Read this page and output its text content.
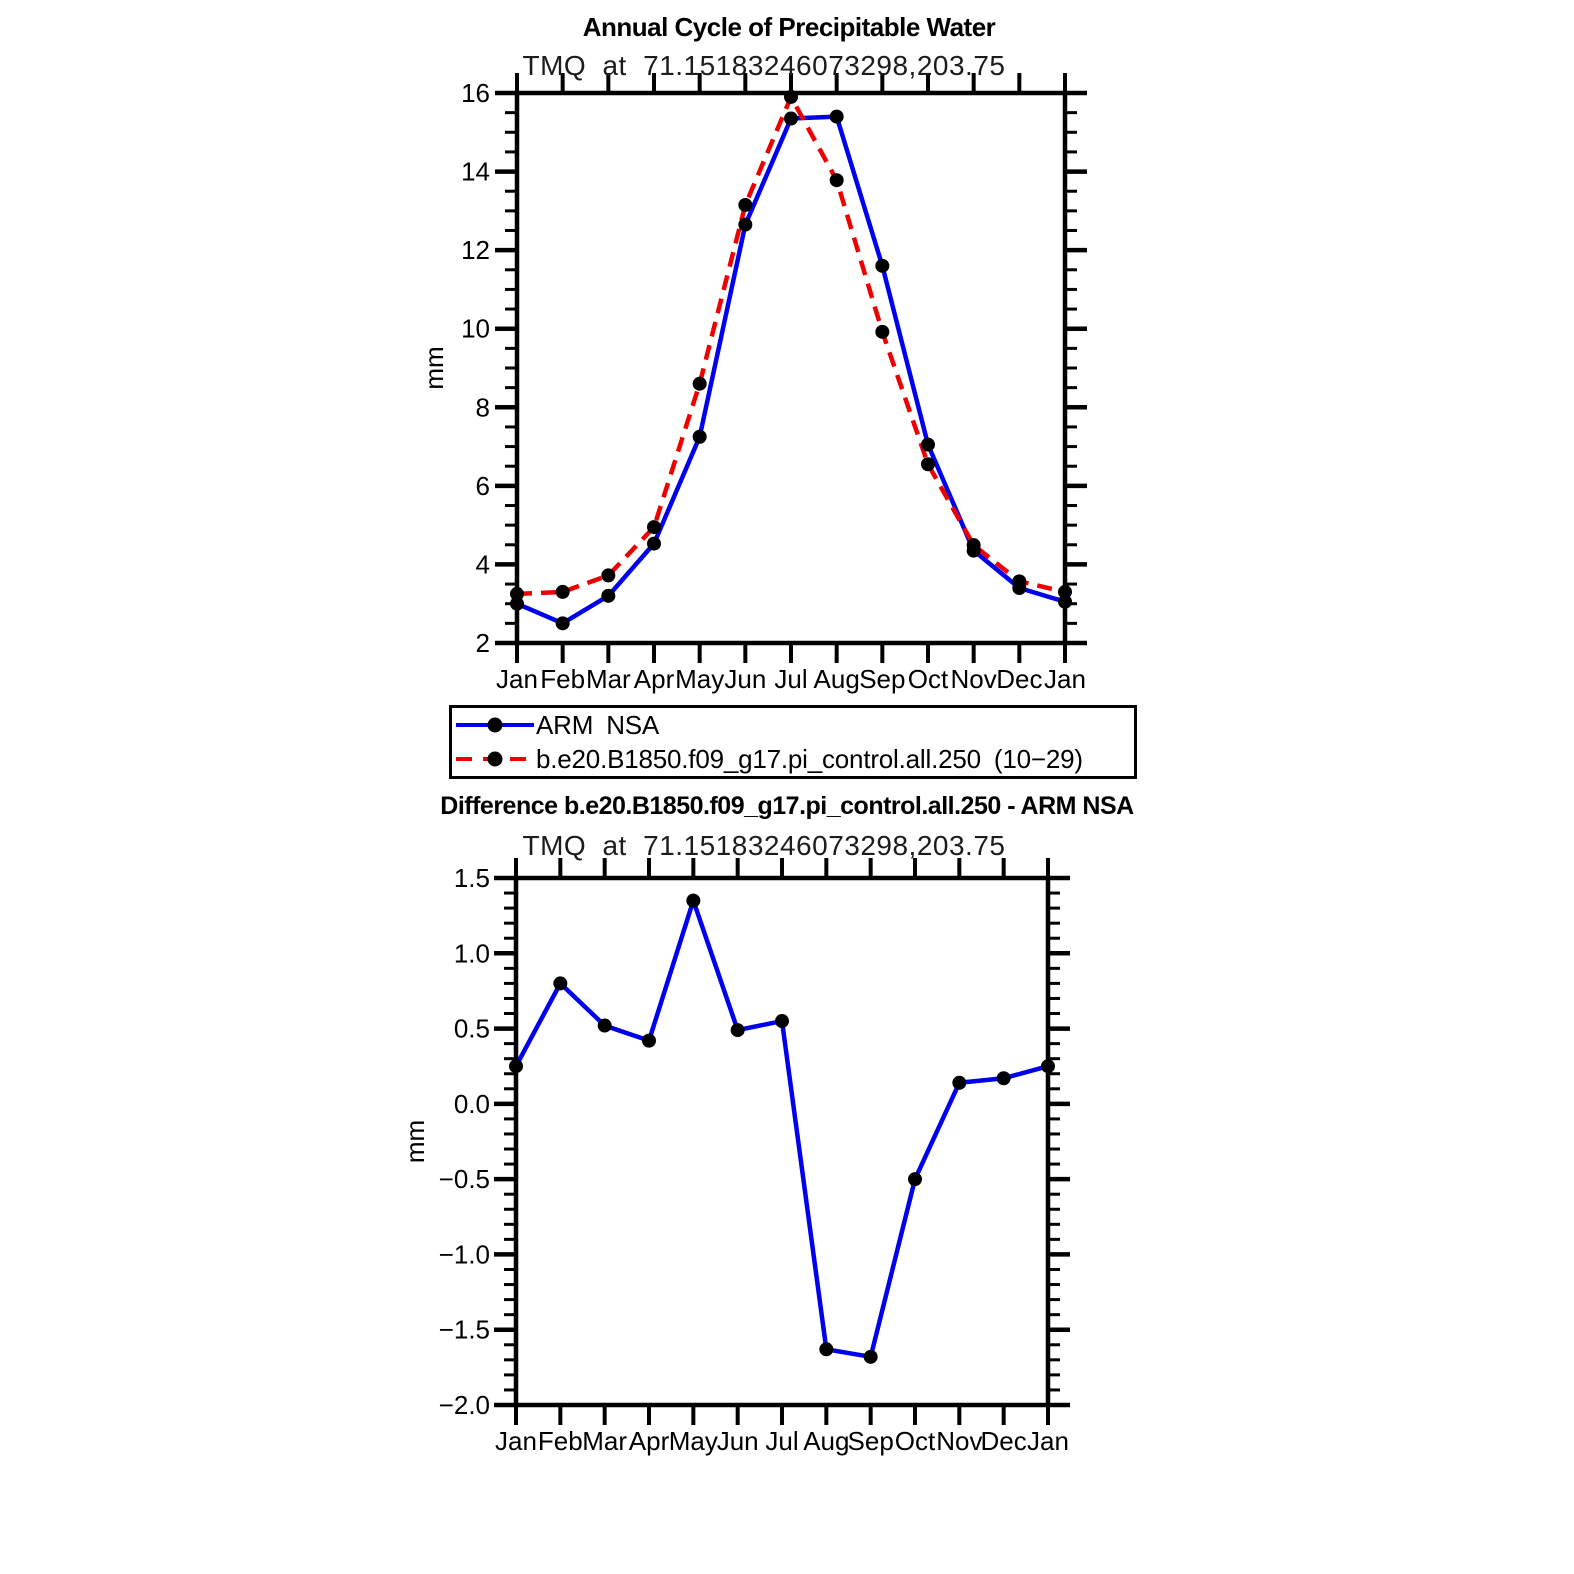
Jan Feb Mar Apr May Jun Jul Aug Sep Oct Nov Dec Jan
2
4
6
8
10
12
14
16
mm
Jan Feb Mar Apr May
Jun Jul Aug
Sep Oct Nov
Dec Jan
−2.0
−1.5
−1.0
−0.5
0.0
0.5
1.0
1.5
mm
Annual Cycle of Precipitable Water
TMQ at 71.15183246073298,203.75
ARM NSA
b.e20.B1850.f09_g17.pi_control.all.250 (10−29)
Difference b.e20.B1850.f09_g17.pi_control.all.250 - ARM NSA
TMQ at 71.15183246073298,203.75
